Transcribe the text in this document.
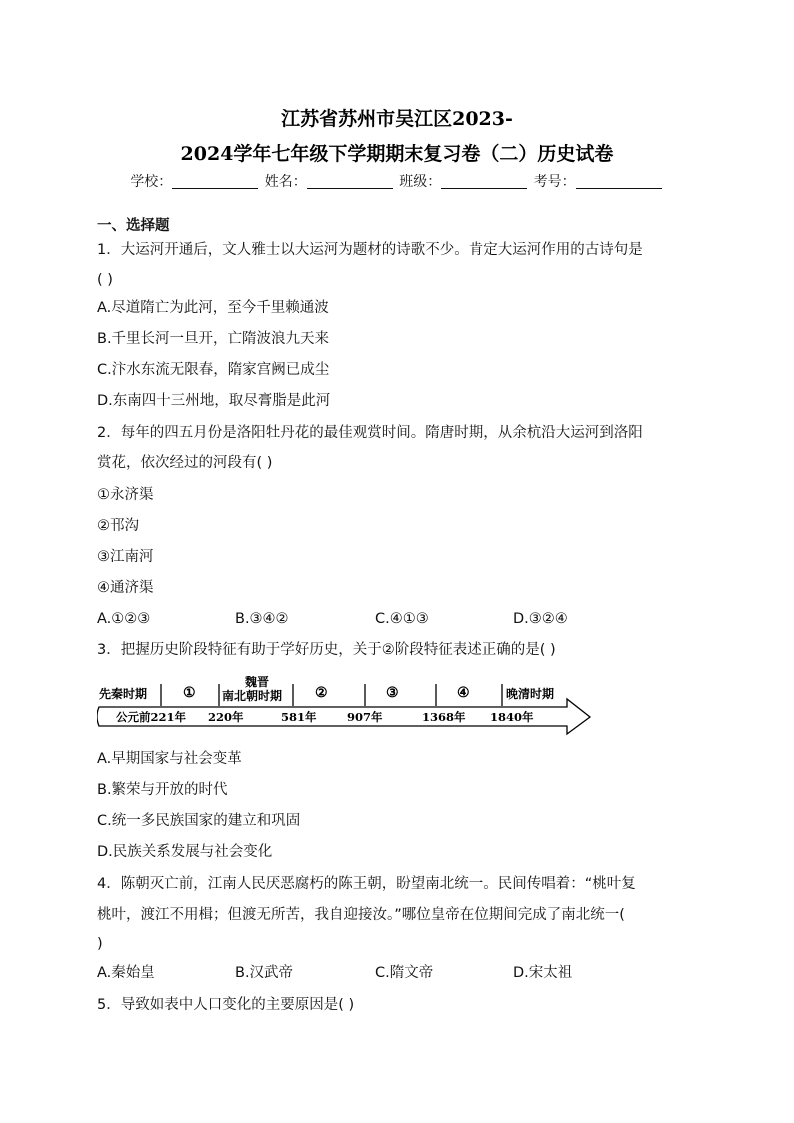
江苏省苏州市吴江区2023-
2024学年七年级下学期期末复习卷（二）历史试卷
学校：	姓名：	班级：	考号：
一、选择题
1．大运河开通后，文人雅士以大运河为题材的诗歌不少。肯定大运河作用的古诗句是
( )
A.尽道隋亡为此河，至今千里赖通波
B.千里长河一旦开，亡隋波浪九天来
C.汴水东流无限春，隋家宫阙已成尘
D.东南四十三州地，取尽膏脂是此河
2．每年的四五月份是洛阳牡丹花的最佳观赏时间。隋唐时期，从余杭沿大运河到洛阳
赏花，依次经过的河段有( )
①永济渠
②邗沟
③江南河
④通济渠
A.①②③	B.③④②	C.④①③	D.③②④
3．把握历史阶段特征有助于学好历史，关于②阶段特征表述正确的是( )
先秦时期	①
魏晋
南北朝时期 ②	③	④	晚清时期
公元前221年 220年	581年	907年	1368年 1840年
A.早期国家与社会变革
B.繁荣与开放的时代
C.统一多民族国家的建立和巩固
D.民族关系发展与社会变化
4．陈朝灭亡前，江南人民厌恶腐朽的陈王朝，盼望南北统一。民间传唱着：“桃叶复
桃叶，渡江不用楫；但渡无所苦，我自迎接汝。”哪位皇帝在位期间完成了南北统一(
)
A.秦始皇	B.汉武帝	C.隋文帝	D.宋太祖
5．导致如表中人口变化的主要原因是( )
